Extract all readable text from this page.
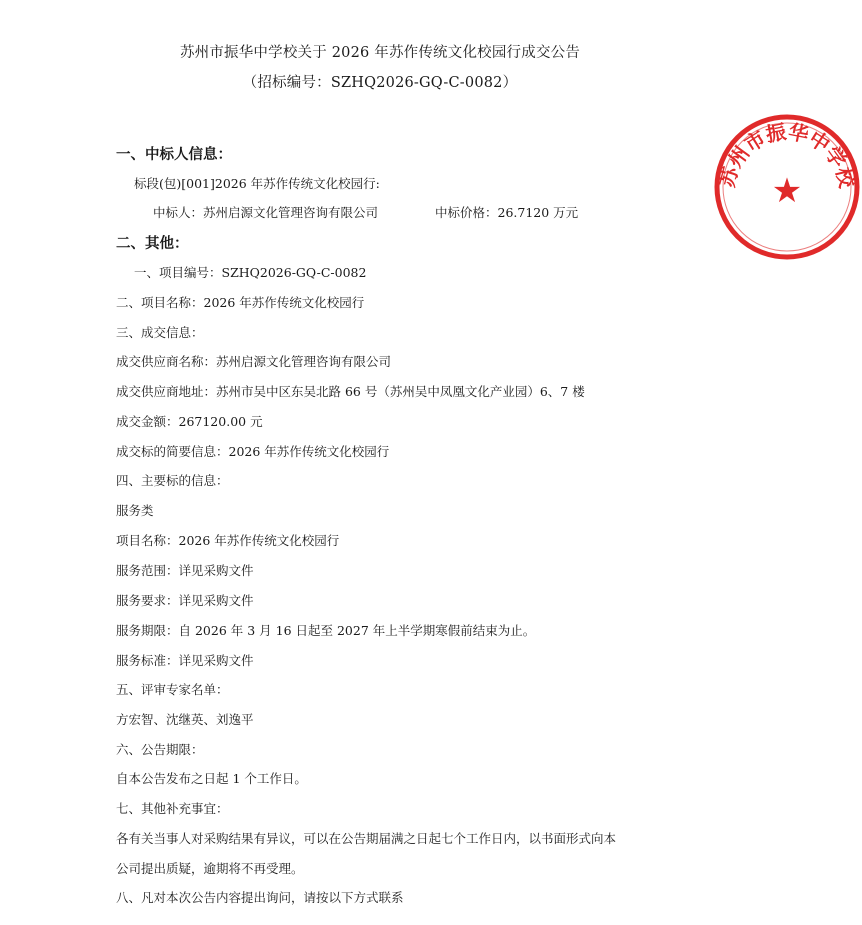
苏州市振华中学校关于 2026 年苏作传统文化校园行成交公告
（招标编号：SZHQ2026-GQ-C-0082）
一、中标人信息：
标段(包)[001]2026 年苏作传统文化校园行:
中标人：苏州启源文化管理咨询有限公司	中标价格：26.7120 万元
二、其他：
一、项目编号：SZHQ2026-GQ-C-0082
二、项目名称：2026 年苏作传统文化校园行
三、成交信息：
成交供应商名称：苏州启源文化管理咨询有限公司
成交供应商地址：苏州市吴中区东吴北路 66 号（苏州吴中凤凰文化产业园）6、7 楼
成交金额：267120.00 元
成交标的简要信息：2026 年苏作传统文化校园行
四、主要标的信息：
服务类
项目名称：2026 年苏作传统文化校园行
服务范围：详见采购文件
服务要求：详见采购文件
服务期限：自 2026 年 3 月 16 日起至 2027 年上半学期寒假前结束为止。
服务标准：详见采购文件
五、评审专家名单：
方宏智、沈继英、刘逸平
六、公告期限：
自本公告发布之日起 1 个工作日。
七、其他补充事宜：
各有关当事人对采购结果有异议，可以在公告期届满之日起七个工作日内，以书面形式向本
公司提出质疑，逾期将不再受理。
八、凡对本次公告内容提出询问，请按以下方式联系
苏州市振华中学校
★
